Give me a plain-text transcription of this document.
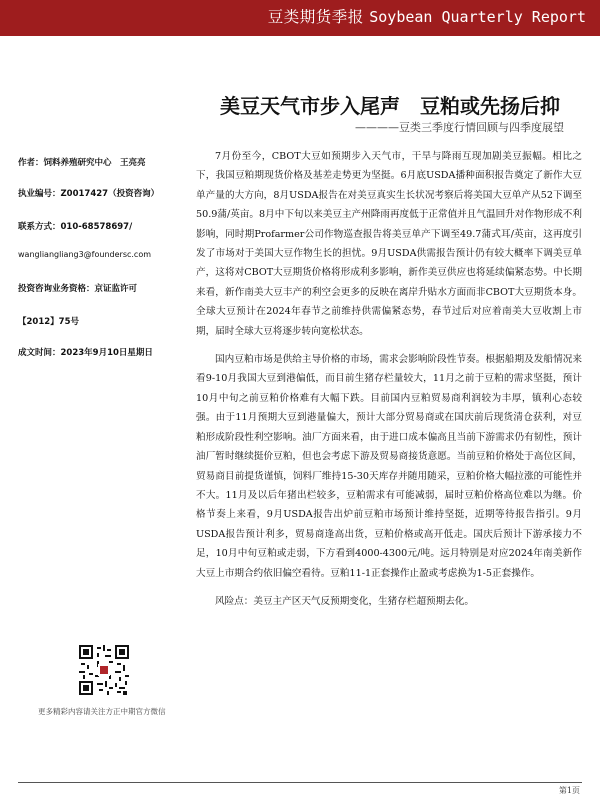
豆类期货季报 Soybean Quarterly Report
美豆天气市步入尾声　豆粕或先扬后抑
————豆类三季度行情回顾与四季度展望
作者：饲料养殖研究中心　王亮亮
执业编号：Z0017427（投资咨询）
联系方式：010-68578697/
wangliangliang3@foundersc.com
投资咨询业务资格：京证监许可
【2012】75号
成文时间：2023年9月10日星期日
更多精彩内容请关注方正中期官方微信

7月份至今，CBOT大豆如预期步入天气市，干旱与降雨互现加剧美豆振幅。相比之下，我国豆粕期现货价格及基差走势更为坚挺。6月底USDA播种面积报告奠定了新作大豆单产量的大方向，8月USDA报告在对美豆真实生长状况考察后将美国大豆单产从52下调至50.9蒲/英亩。8月中下旬以来美豆主产州降雨再度低于正常值并且气温回升对作物形成不利影响，同时期Profarmer公司作物巡查报告将美豆单产下调至49.7蒲式耳/英亩，这再度引发了市场对于美国大豆作物生长的担忧。9月USDA供需报告预计仍有较大概率下调美豆单产，这将对CBOT大豆期货价格将形成利多影响，新作美豆供应也将延续偏紧态势。中长期来看，新作南美大豆丰产的利空会更多的反映在离岸升贴水方面而非CBOT大豆期货本身。全球大豆预计在2024年春节之前维持供需偏紧态势，春节过后对应着南美大豆收割上市期，届时全球大豆将逐步转向宽松状态。

国内豆粕市场是供给主导价格的市场，需求会影响阶段性节奏。根据船期及发船情况来看9-10月我国大豆到港偏低，而目前生猪存栏量较大，11月之前于豆粕的需求坚挺，预计10月中旬之前豆粕价格难有大幅下跌。目前国内豆粕贸易商利润较为丰厚，镇利心态较强。由于11月预期大豆到港量偏大，预计大部分贸易商或在国庆前后现货清仓获利，对豆粕形成阶段性利空影响。油厂方面来看，由于进口成本偏高且当前下游需求仍有韧性，预计油厂暂时继续挺价豆粕，但也会考虑下游及贸易商接货意愿。当前豆粕价格处于高位区间，贸易商目前提货谨慎，饲料厂维持15-30天库存并随用随采，豆粕价格大幅拉涨的可能性并不大。11月及以后年猪出栏较多，豆粕需求有可能减弱，届时豆粕价格高位难以为继。价格节奏上来看，9月USDA报告出炉前豆粕市场预计维持坚挺，近期等待报告指引。9月USDA报告预计利多，贸易商逢高出货，豆粕价格或高开低走。国庆后预计下游承接力不足，10月中旬豆粕或走弱，下方看到4000-4300元/吨。远月特别是对应2024年南美新作大豆上市期合约依旧偏空看待。豆粕11-1正套操作止盈或考虑换为1-5正套操作。

风险点：美豆主产区天气反预期变化，生猪存栏超预期去化。

第1页
